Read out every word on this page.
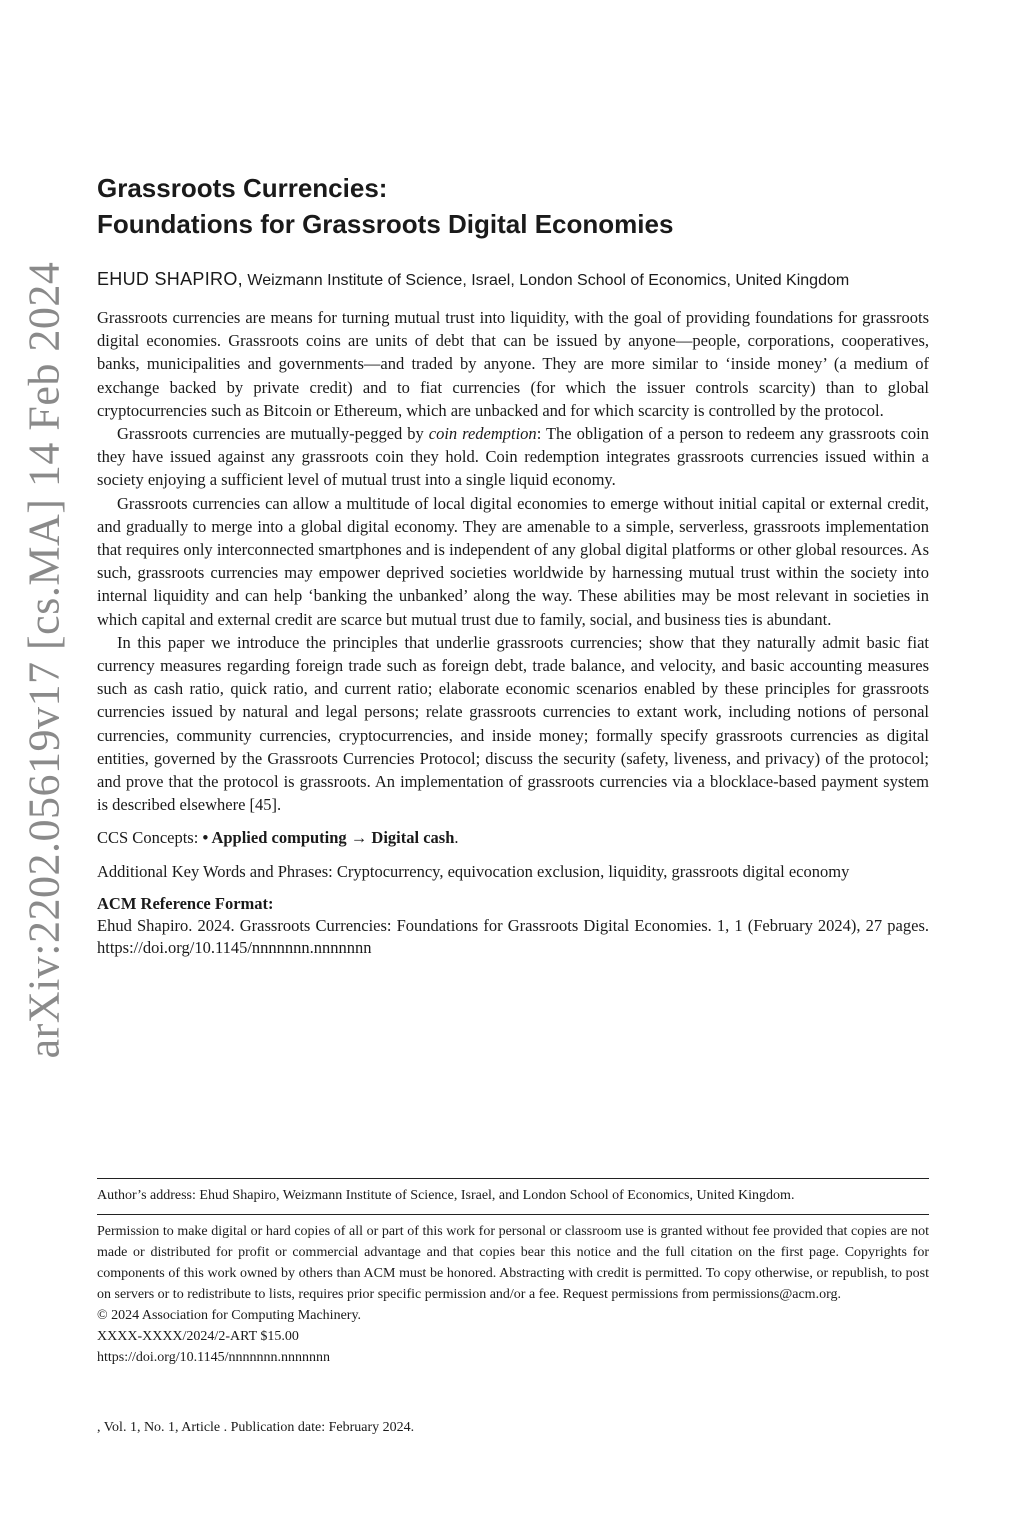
arXiv:2202.05619v17 [cs.MA] 14 Feb 2024
Grassroots Currencies:
Foundations for Grassroots Digital Economies
EHUD SHAPIRO, Weizmann Institute of Science, Israel, London School of Economics, United Kingdom

Grassroots currencies are means for turning mutual trust into liquidity, with the goal of providing foundations for grassroots digital economies. Grassroots coins are units of debt that can be issued by anyone—people, corporations, cooperatives, banks, municipalities and governments—and traded by anyone. They are more similar to ‘inside money’ (a medium of exchange backed by private credit) and to fiat currencies (for which the issuer controls scarcity) than to global cryptocurrencies such as Bitcoin or Ethereum, which are unbacked and for which scarcity is controlled by the protocol.

Grassroots currencies are mutually-pegged by coin redemption: The obligation of a person to redeem any grassroots coin they have issued against any grassroots coin they hold. Coin redemption integrates grassroots currencies issued within a society enjoying a sufficient level of mutual trust into a single liquid economy.

Grassroots currencies can allow a multitude of local digital economies to emerge without initial capital or external credit, and gradually to merge into a global digital economy. They are amenable to a simple, serverless, grassroots implementation that requires only interconnected smartphones and is independent of any global digital platforms or other global resources. As such, grassroots currencies may empower deprived societies worldwide by harnessing mutual trust within the society into internal liquidity and can help ‘banking the unbanked’ along the way. These abilities may be most relevant in societies in which capital and external credit are scarce but mutual trust due to family, social, and business ties is abundant.

In this paper we introduce the principles that underlie grassroots currencies; show that they naturally admit basic fiat currency measures regarding foreign trade such as foreign debt, trade balance, and velocity, and basic accounting measures such as cash ratio, quick ratio, and current ratio; elaborate economic scenarios enabled by these principles for grassroots currencies issued by natural and legal persons; relate grassroots currencies to extant work, including notions of personal currencies, community currencies, cryptocurrencies, and inside money; formally specify grassroots currencies as digital entities, governed by the Grassroots Currencies Protocol; discuss the security (safety, liveness, and privacy) of the protocol; and prove that the protocol is grassroots. An implementation of grassroots currencies via a blocklace-based payment system is described elsewhere [45].

CCS Concepts: • Applied computing → Digital cash.
Additional Key Words and Phrases: Cryptocurrency, equivocation exclusion, liquidity, grassroots digital economy
ACM Reference Format:
Ehud Shapiro. 2024. Grassroots Currencies: Foundations for Grassroots Digital Economies. 1, 1 (February 2024), 27 pages. https://doi.org/10.1145/nnnnnnn.nnnnnnn
Author’s address: Ehud Shapiro, Weizmann Institute of Science, Israel, and London School of Economics, United Kingdom.
Permission to make digital or hard copies of all or part of this work for personal or classroom use is granted without fee provided that copies are not made or distributed for profit or commercial advantage and that copies bear this notice and the full citation on the first page. Copyrights for components of this work owned by others than ACM must be honored. Abstracting with credit is permitted. To copy otherwise, or republish, to post on servers or to redistribute to lists, requires prior specific permission and/or a fee. Request permissions from permissions@acm.org.
© 2024 Association for Computing Machinery.
XXXX-XXXX/2024/2-ART $15.00
https://doi.org/10.1145/nnnnnnn.nnnnnnn
, Vol. 1, No. 1, Article . Publication date: February 2024.
